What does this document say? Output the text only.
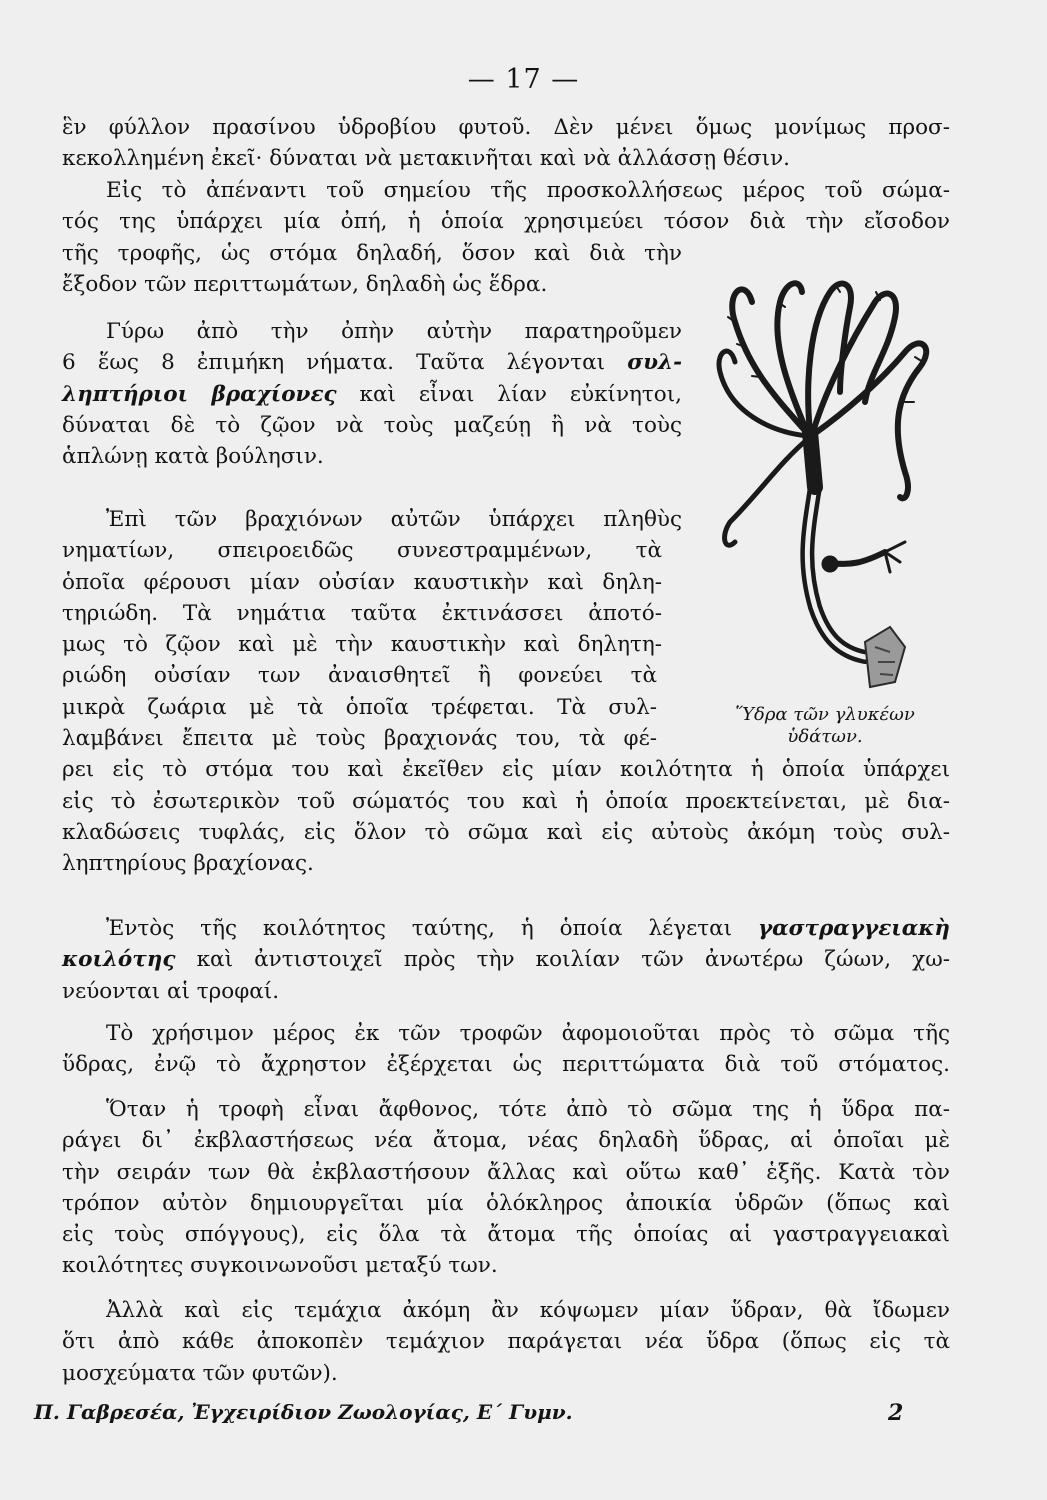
— 17 —
ἓν φύλλον πρασίνου ὑδροβίου φυτοῦ. Δὲν μένει ὅμως μονίμως προσ-
κεκολλημένη ἐκεῖ· δύναται νὰ μετακινῆται καὶ νὰ ἀλλάσσῃ θέσιν.
Εἰς τὸ ἀπέναντι τοῦ σημείου τῆς προσκολλήσεως μέρος τοῦ σώμα-
τός της ὑπάρχει μία ὀπή, ἡ ὁποία χρησιμεύει τόσον διὰ τὴν εἴσοδον
τῆς τροφῆς, ὡς στόμα δηλαδή, ὅσον καὶ διὰ τὴν
ἔξοδον τῶν περιττωμάτων, δηλαδὴ ὡς ἕδρα.
Γύρω ἀπὸ τὴν ὀπὴν αὐτὴν παρατηροῦμεν
6 ἕως 8 ἐπιμήκη νήματα. Ταῦτα λέγονται συλ-
ληπτήριοι βραχίονες καὶ εἶναι λίαν εὐκίνητοι,
δύναται δὲ τὸ ζῷον νὰ τοὺς μαζεύῃ ἢ νὰ τοὺς
ἁπλώνῃ κατὰ βούλησιν.
Ἐπὶ τῶν βραχιόνων αὐτῶν ὑπάρχει πληθὺς
νηματίων, σπειροειδῶς συνεστραμμένων, τὰ
ὁποῖα φέρουσι μίαν οὐσίαν καυστικὴν καὶ δηλη-
τηριώδη. Τὰ νημάτια ταῦτα ἐκτινάσσει ἀποτό-
μως τὸ ζῷον καὶ μὲ τὴν καυστικὴν καὶ δηλητη-
ριώδη οὐσίαν των ἀναισθητεῖ ἢ φονεύει τὰ
μικρὰ ζωάρια μὲ τὰ ὁποῖα τρέφεται. Τὰ συλ-
λαμβάνει ἔπειτα μὲ τοὺς βραχιονάς του, τὰ φέ-
ρει εἰς τὸ στόμα του καὶ ἐκεῖθεν εἰς μίαν κοιλότητα ἡ ὁποία ὑπάρχει
εἰς τὸ ἐσωτερικὸν τοῦ σώματός του καὶ ἡ ὁποία προεκτείνεται, μὲ δια-
κλαδώσεις τυφλάς, εἰς ὅλον τὸ σῶμα καὶ εἰς αὐτοὺς ἀκόμη τοὺς συλ-
ληπτηρίους βραχίονας.
Ἐντὸς τῆς κοιλότητος ταύτης, ἡ ὁποία λέγεται γαστραγγειακὴ
κοιλότης καὶ ἀντιστοιχεῖ πρὸς τὴν κοιλίαν τῶν ἀνωτέρω ζώων, χω-
νεύονται αἱ τροφαί.
Τὸ χρήσιμον μέρος ἐκ τῶν τροφῶν ἀφομοιοῦται πρὸς τὸ σῶμα τῆς
ὕδρας, ἐνῷ τὸ ἄχρηστον ἐξέρχεται ὡς περιττώματα διὰ τοῦ στόματος.
Ὅταν ἡ τροφὴ εἶναι ἄφθονος, τότε ἀπὸ τὸ σῶμα της ἡ ὕδρα πα-
ράγει δι᾿ ἐκβλαστήσεως νέα ἄτομα, νέας δηλαδὴ ὕδρας, αἱ ὁποῖαι μὲ
τὴν σειράν των θὰ ἐκβλαστήσουν ἄλλας καὶ οὕτω καθ᾿ ἑξῆς. Κατὰ τὸν
τρόπον αὐτὸν δημιουργεῖται μία ὁλόκληρος ἀποικία ὑδρῶν (ὅπως καὶ
εἰς τοὺς σπόγγους), εἰς ὅλα τὰ ἄτομα τῆς ὁποίας αἱ γαστραγγειακαὶ
κοιλότητες συγκοινωνοῦσι μεταξύ των.
Ἀλλὰ καὶ εἰς τεμάχια ἀκόμη ἂν κόψωμεν μίαν ὕδραν, θὰ ἴδωμεν
ὅτι ἀπὸ κάθε ἀποκοπὲν τεμάχιον παράγεται νέα ὕδρα (ὅπως εἰς τὰ
μοσχεύματα τῶν φυτῶν).
Ὕδρα τῶν γλυκέων
ὑδάτων.
Π. Γαβρεσέα, Ἐγχειρίδιον Ζωολογίας, Ε΄ Γυμν.	2
